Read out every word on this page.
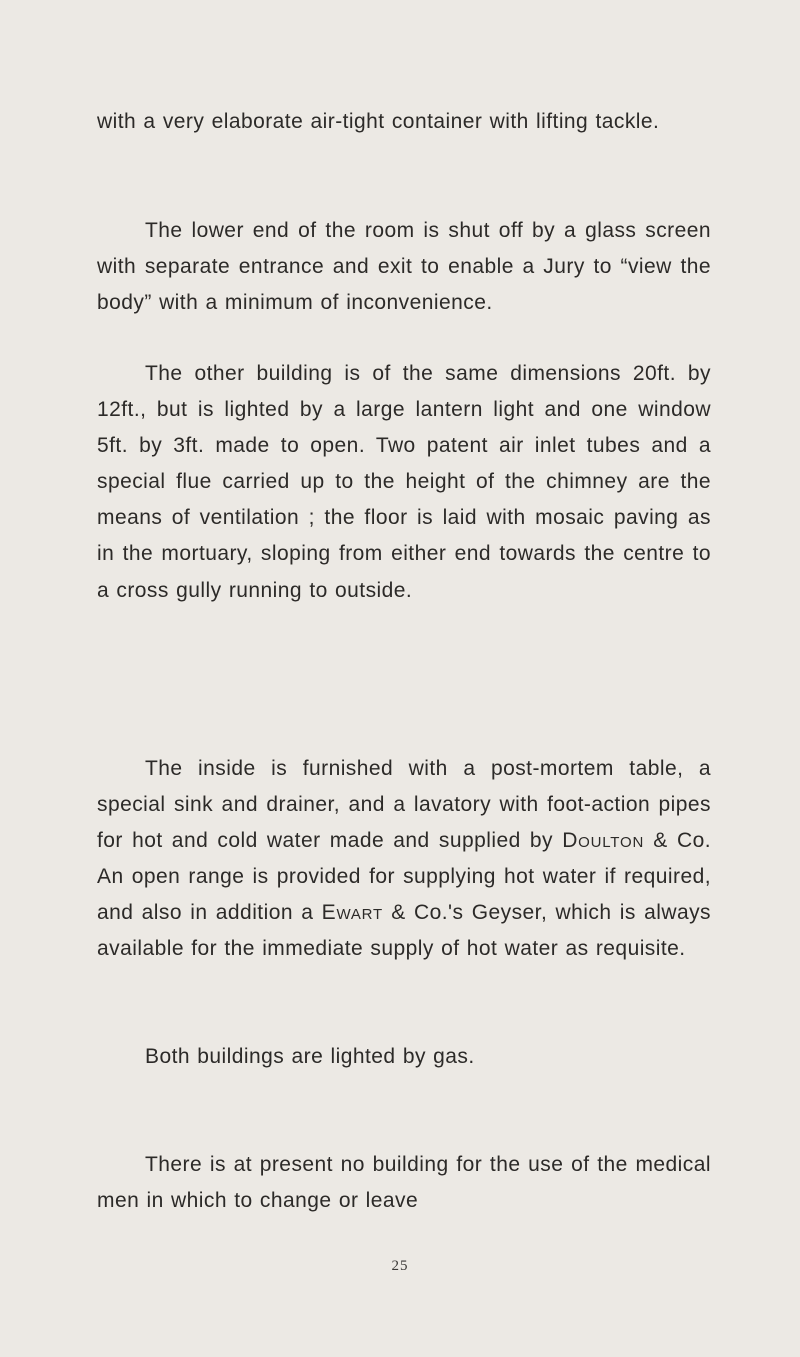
with a very elaborate air-tight container with lifting tackle.

The lower end of the room is shut off by a glass screen with separate entrance and exit to enable a Jury to “view the body” with a minimum of inconvenience.

The other building is of the same dimensions 20ft. by 12ft., but is lighted by a large lantern light and one window 5ft. by 3ft. made to open. Two patent air inlet tubes and a special flue carried up to the height of the chimney are the means of ventilation ; the floor is laid with mosaic paving as in the mortuary, sloping from either end towards the centre to a cross gully running to outside.

The inside is furnished with a post-mortem table, a special sink and drainer, and a lavatory with foot-action pipes for hot and cold water made and supplied by Doulton & Co. An open range is provided for supplying hot water if required, and also in addition a Ewart & Co.'s Geyser, which is always available for the immediate supply of hot water as requisite.

Both buildings are lighted by gas.

There is at present no building for the use of the medical men in which to change or leave

25
